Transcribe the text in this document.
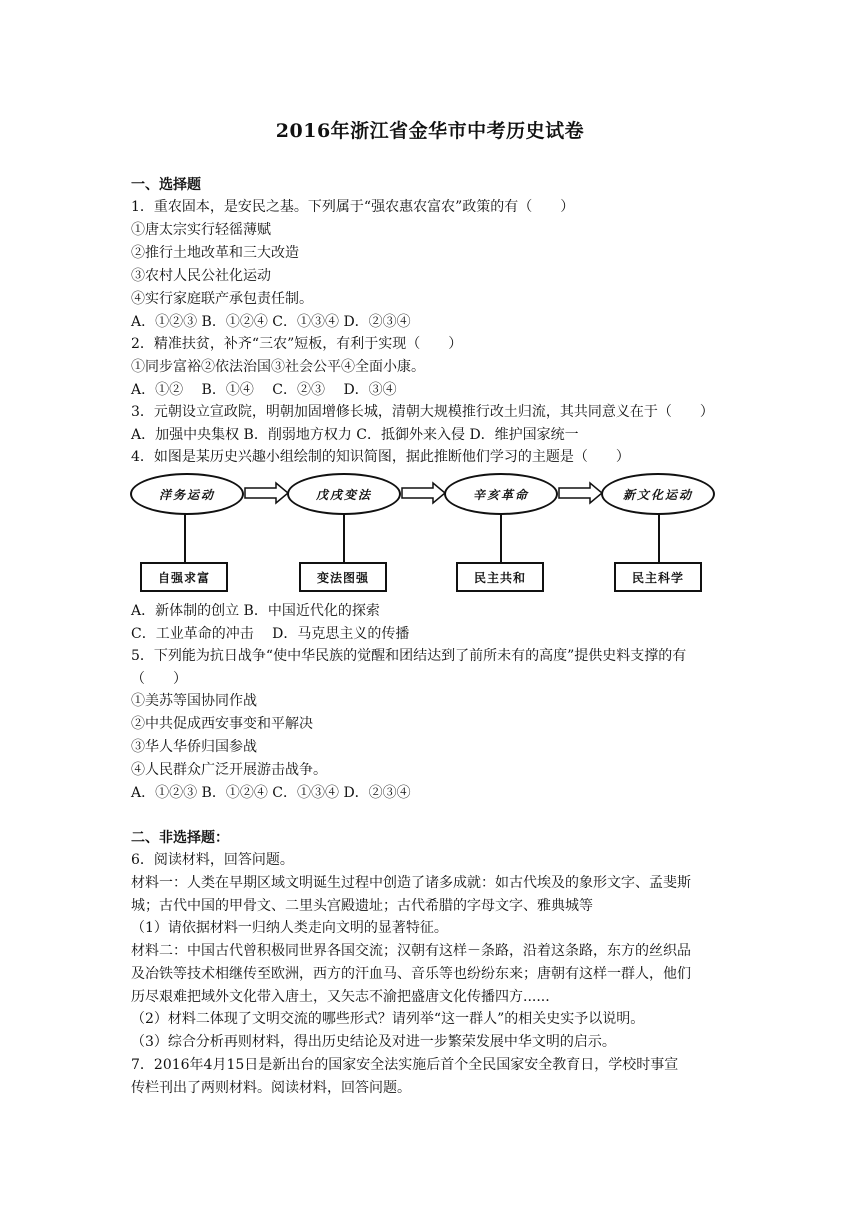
2016年浙江省金华市中考历史试卷
一、选择题
1．重农固本，是安民之基。下列属于“强农惠农富农”政策的有（　　）
①唐太宗实行轻徭薄赋
②推行土地改革和三大改造
③农村人民公社化运动
④实行家庭联产承包责任制。
A．①②③ B．①②④ C．①③④ D．②③④
2．精准扶贫，补齐“三农”短板，有利于实现（　　）
①同步富裕②依法治国③社会公平④全面小康。
A．①②　 B．①④　 C．②③　 D．③④
3．元朝设立宣政院，明朝加固增修长城，清朝大规模推行改土归流，其共同意义在于（　　）
A．加强中央集权 B．削弱地方权力 C．抵御外来入侵 D．维护国家统一
4．如图是某历史兴趣小组绘制的知识简图，据此推断他们学习的主题是（　　）
洋务运动	戊戌变法	辛亥革命	新文化运动
自强求富	变法图强	民主共和	民主科学
A．新体制的创立 B．中国近代化的探索
C．工业革命的冲击　 D．马克思主义的传播
5．下列能为抗日战争“使中华民族的觉醒和团结达到了前所未有的高度”提供史料支撑的有
（　　）
①美苏等国协同作战
②中共促成西安事变和平解决
③华人华侨归国参战
④人民群众广泛开展游击战争。
A．①②③ B．①②④ C．①③④ D．②③④
二、非选择题：
6．阅读材料，回答问题。
材料一：人类在早期区域文明诞生过程中创造了诸多成就：如古代埃及的象形文字、孟斐斯
城；古代中国的甲骨文、二里头宫殿遗址；古代希腊的字母文字、雅典城等
（1）请依据材料一归纳人类走向文明的显著特征。
材料二：中国古代曾积极同世界各国交流；汉朝有这样－条路，沿着这条路，东方的丝织品
及冶铁等技术相继传至欧洲，西方的汗血马、音乐等也纷纷东来；唐朝有这样一群人，他们
历尽艰难把域外文化带入唐土，又矢志不渝把盛唐文化传播四方......
（2）材料二体现了文明交流的哪些形式？请列举“这一群人”的相关史实予以说明。
（3）综合分析再则材料，得出历史结论及对进一步繁荣发展中华文明的启示。
7．2016年4月15日是新出台的国家安全法实施后首个全民国家安全教育日，学校时事宣
传栏刊出了两则材料。阅读材料，回答问题。
